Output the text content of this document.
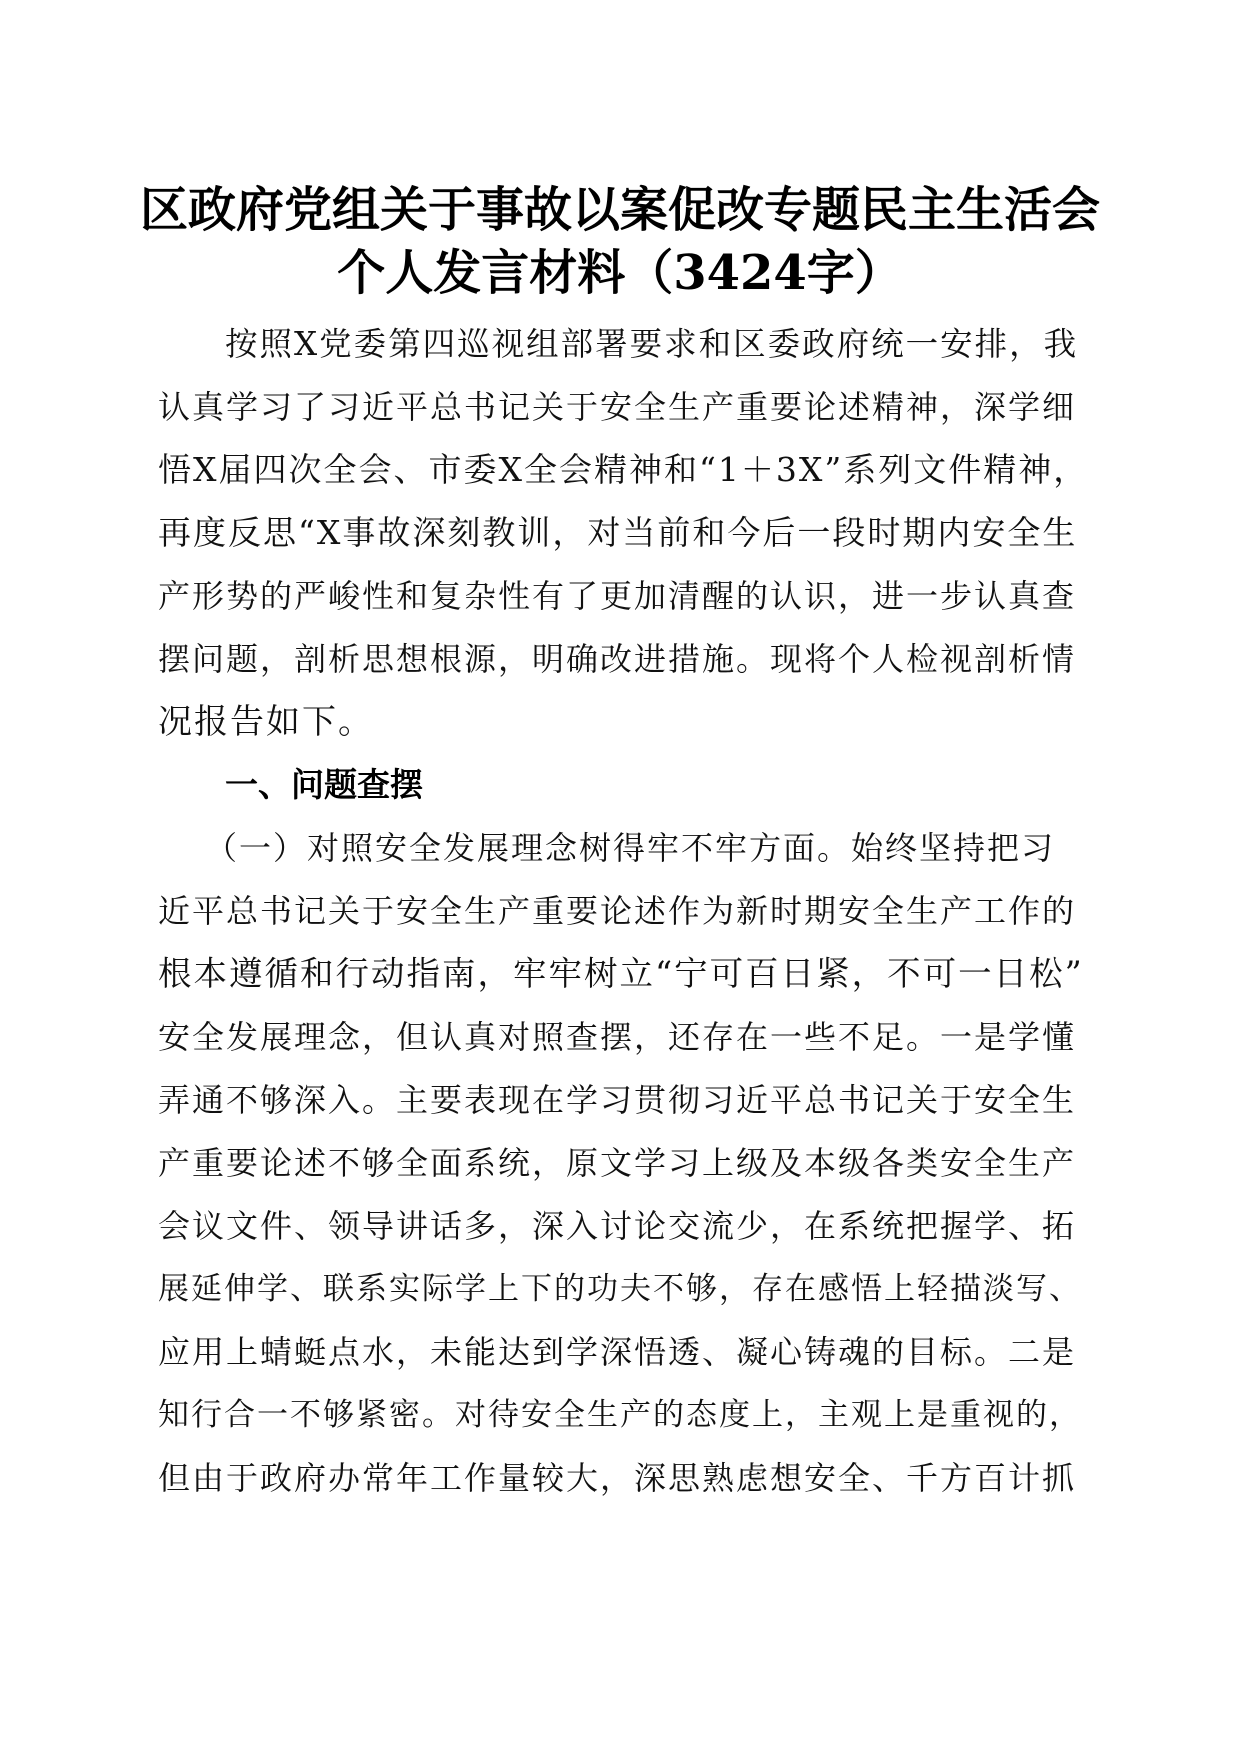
区政府党组关于事故以案促改专题民主生活会
个人发言材料（3424字）
按照X党委第四巡视组部署要求和区委政府统一安排，我
认真学习了习近平总书记关于安全生产重要论述精神，深学细
悟X届四次全会、市委X全会精神和“1＋3X”系列文件精神，
再度反思“X事故深刻教训，对当前和今后一段时期内安全生
产形势的严峻性和复杂性有了更加清醒的认识，进一步认真查
摆问题，剖析思想根源，明确改进措施。现将个人检视剖析情
况报告如下。
一、问题查摆
（一）对照安全发展理念树得牢不牢方面。始终坚持把习
近平总书记关于安全生产重要论述作为新时期安全生产工作的
根本遵循和行动指南，牢牢树立“宁可百日紧，不可一日松”
安全发展理念，但认真对照查摆，还存在一些不足。一是学懂
弄通不够深入。主要表现在学习贯彻习近平总书记关于安全生
产重要论述不够全面系统，原文学习上级及本级各类安全生产
会议文件、领导讲话多，深入讨论交流少，在系统把握学、拓
展延伸学、联系实际学上下的功夫不够，存在感悟上轻描淡写、
应用上蜻蜓点水，未能达到学深悟透、凝心铸魂的目标。二是
知行合一不够紧密。对待安全生产的态度上，主观上是重视的，
但由于政府办常年工作量较大，深思熟虑想安全、千方百计抓
